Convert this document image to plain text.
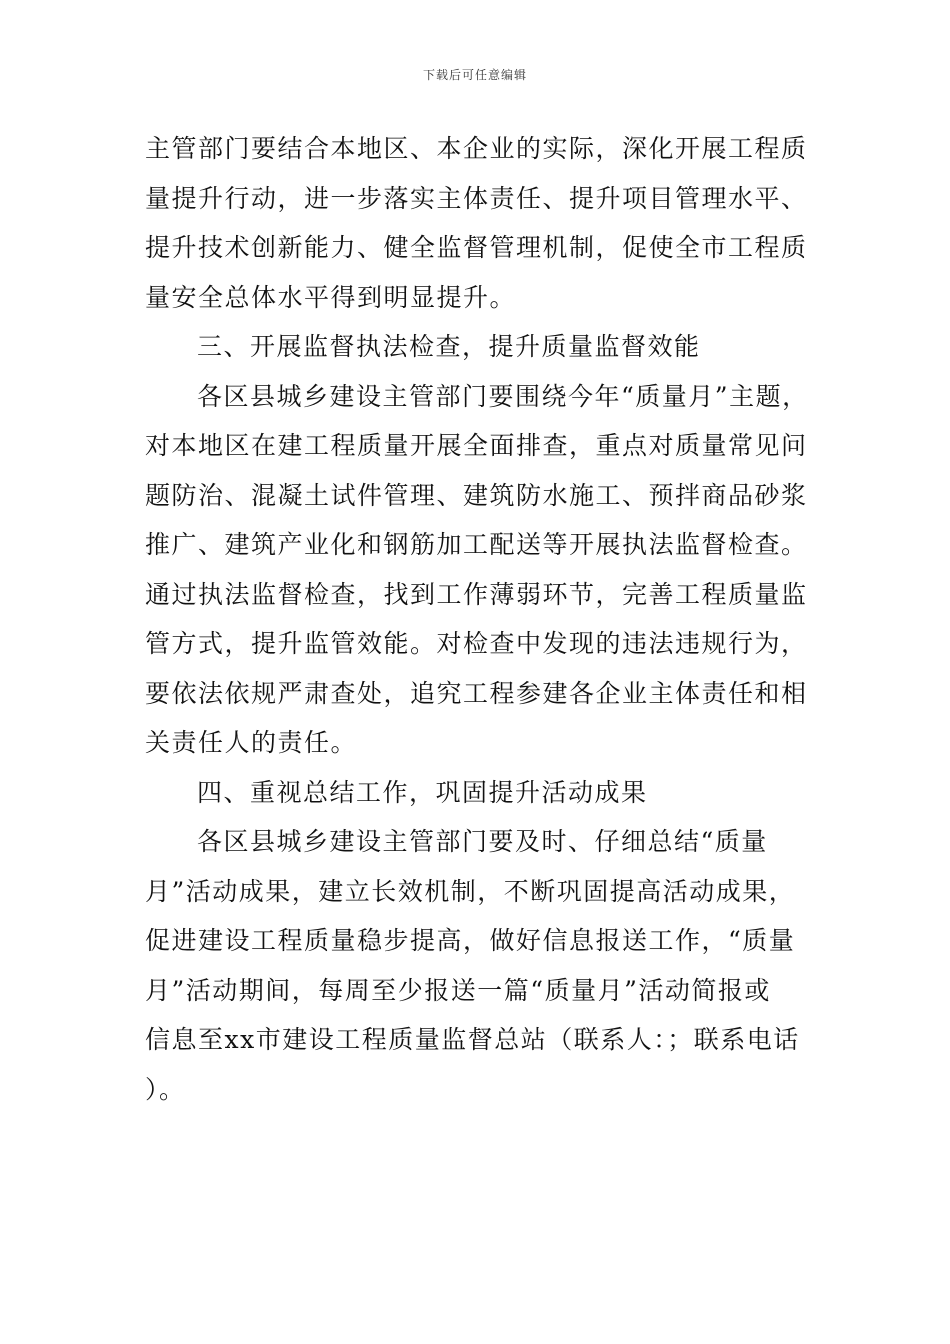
下载后可任意编辑
主管部门要结合本地区、本企业的实际，深化开展工程质
量提升行动，进一步落实主体责任、提升项目管理水平、
提升技术创新能力、健全监督管理机制，促使全市工程质
量安全总体水平得到明显提升。
三、开展监督执法检查，提升质量监督效能
各区县城乡建设主管部门要围绕今年“质量月”主题，
对本地区在建工程质量开展全面排查，重点对质量常见问
题防治、混凝土试件管理、建筑防水施工、预拌商品砂浆
推广、建筑产业化和钢筋加工配送等开展执法监督检查。
通过执法监督检查，找到工作薄弱环节，完善工程质量监
管方式，提升监管效能。对检查中发现的违法违规行为，
要依法依规严肃查处，追究工程参建各企业主体责任和相
关责任人的责任。
四、重视总结工作，巩固提升活动成果
各区县城乡建设主管部门要及时、仔细总结“质量
月”活动成果，建立长效机制，不断巩固提高活动成果，
促进建设工程质量稳步提高，做好信息报送工作，“质量
月”活动期间，每周至少报送一篇“质量月”活动简报或
信息至xx市建设工程质量监督总站（联系人：；联系电话
）。
